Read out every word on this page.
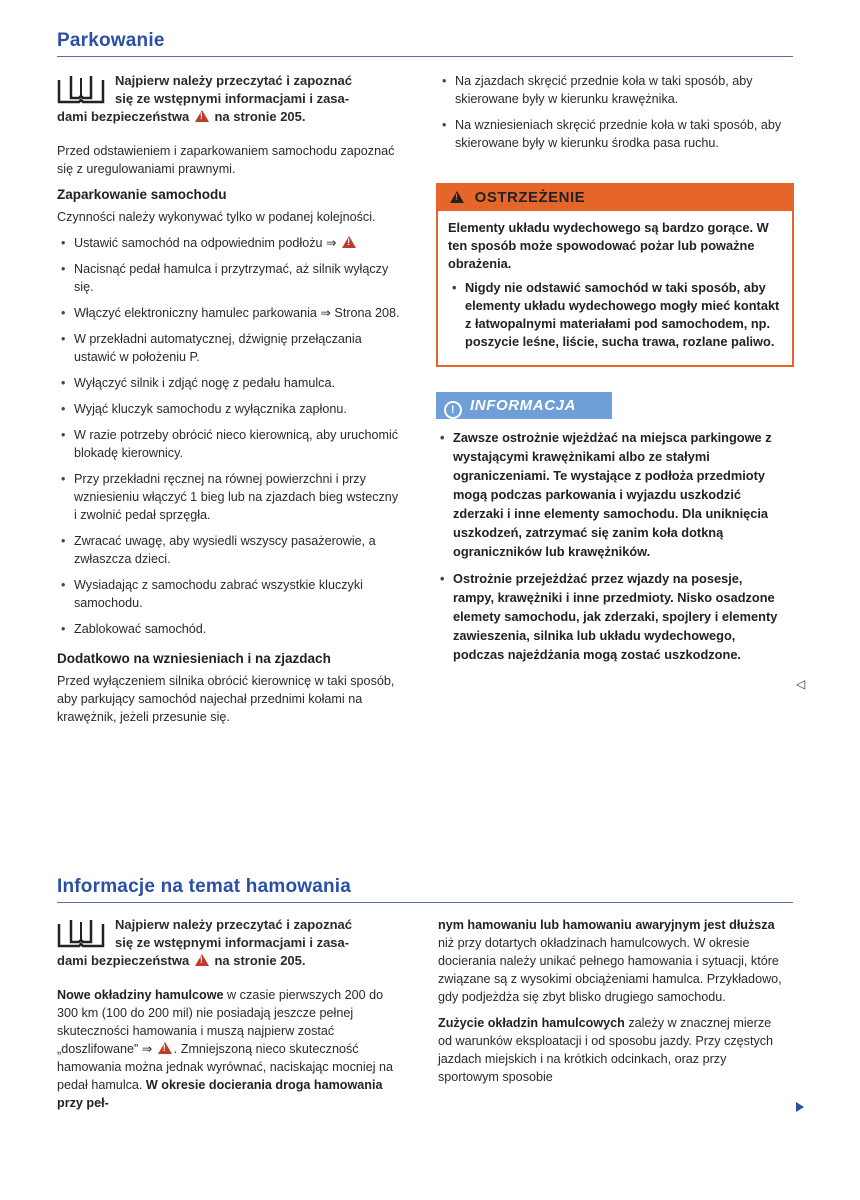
Parkowanie
Najpierw należy przeczytać i zapoznać
się ze wstępnymi informacjami i zasa-
dami bezpieczeństwa ! na stronie 205.

Przed odstawieniem i zaparkowaniem samochodu zapoznać się z uregulowaniami prawnymi.

Zaparkowanie samochodu

Czynności należy wykonywać tylko w podanej kolejności.

• Ustawić samochód na odpowiednim podłożu ⇒ !
• Nacisnąć pedał hamulca i przytrzymać, aż silnik wyłączy się.
• Włączyć elektroniczny hamulec parkowania ⇒ Strona 208.
• W przekładni automatycznej, dźwignię przełączania ustawić w położeniu P.
• Wyłączyć silnik i zdjąć nogę z pedału hamulca.
• Wyjąć kluczyk samochodu z wyłącznika zapłonu.
• W razie potrzeby obrócić nieco kierownicą, aby uruchomić blokadę kierownicy.
• Przy przekładni ręcznej na równej powierzchni i przy wzniesieniu włączyć 1 bieg lub na zjazdach bieg wsteczny i zwolnić pedał sprzęgła.
• Zwracać uwagę, aby wysiedli wszyscy pasażerowie, a zwłaszcza dzieci.
• Wysiadając z samochodu zabrać wszystkie kluczyki samochodu.
• Zablokować samochód.
Dodatkowo na wzniesieniach i na zjazdach

Przed wyłączeniem silnika obrócić kierownicę w taki sposób, aby parkujący samochód najechał przednimi kołami na krawężnik, jeżeli przesunie się.

• Na zjazdach skręcić przednie koła w taki sposób, aby skierowane były w kierunku krawężnika.
• Na wzniesieniach skręcić przednie koła w taki sposób, aby skierowane były w kierunku środka pasa ruchu.
! OSTRZEŻENIE

Elementy układu wydechowego są bardzo gorące. W ten sposób może spowodować pożar lub poważne obrażenia.

• Nigdy nie odstawić samochód w taki sposób, aby elementy układu wydechowego mogły mieć kontakt z łatwopalnymi materiałami pod samochodem, np. poszycie leśne, liście, sucha trawa, rozlane paliwo.
! INFORMACJA
• Zawsze ostrożnie wjeżdżać na miejsca parkingowe z wystającymi krawężnikami albo ze stałymi ograniczeniami. Te wystające z podłoża przedmioty mogą podczas parkowania i wyjazdu uszkodzić zderzaki i inne elementy samochodu. Dla uniknięcia uszkodzeń, zatrzymać się zanim koła dotkną ograniczników lub krawężników.
• Ostrożnie przejeżdżać przez wjazdy na posesje, rampy, krawężniki i inne przedmioty. Nisko osadzone elemety samochodu, jak zderzaki, spojlery i elementy zawieszenia, silnika lub układu wydechowego, podczas najeżdżania mogą zostać uszkodzone.
◁
Informacje na temat hamowania
Najpierw należy przeczytać i zapoznać
się ze wstępnymi informacjami i zasa-
dami bezpieczeństwa ! na stronie 205.

Nowe okładziny hamulcowe w czasie pierwszych 200 do 300 km (100 do 200 mil) nie posiadają jeszcze pełnej skuteczności hamowania i muszą najpierw zostać „doszlifowane” ⇒ ! . Zmniejszoną nieco skuteczność hamowania można jednak wyrównać, naciskając mocniej na pedał hamulca. W okresie docierania droga hamowania przy peł-

nym hamowaniu lub hamowaniu awaryjnym jest dłuższa niż przy dotartych okładzinach hamulcowych. W okresie docierania należy unikać pełnego hamowania i sytuacji, które związane są z wysokimi obciążeniami hamulca. Przykładowo, gdy podjeżdża się zbyt blisko drugiego samochodu.

Zużycie okładzin hamulcowych zależy w znacznej mierze od warunków eksploatacji i od sposobu jazdy. Przy częstych jazdach miejskich i na krótkich odcinkach, oraz przy sportowym sposobie
